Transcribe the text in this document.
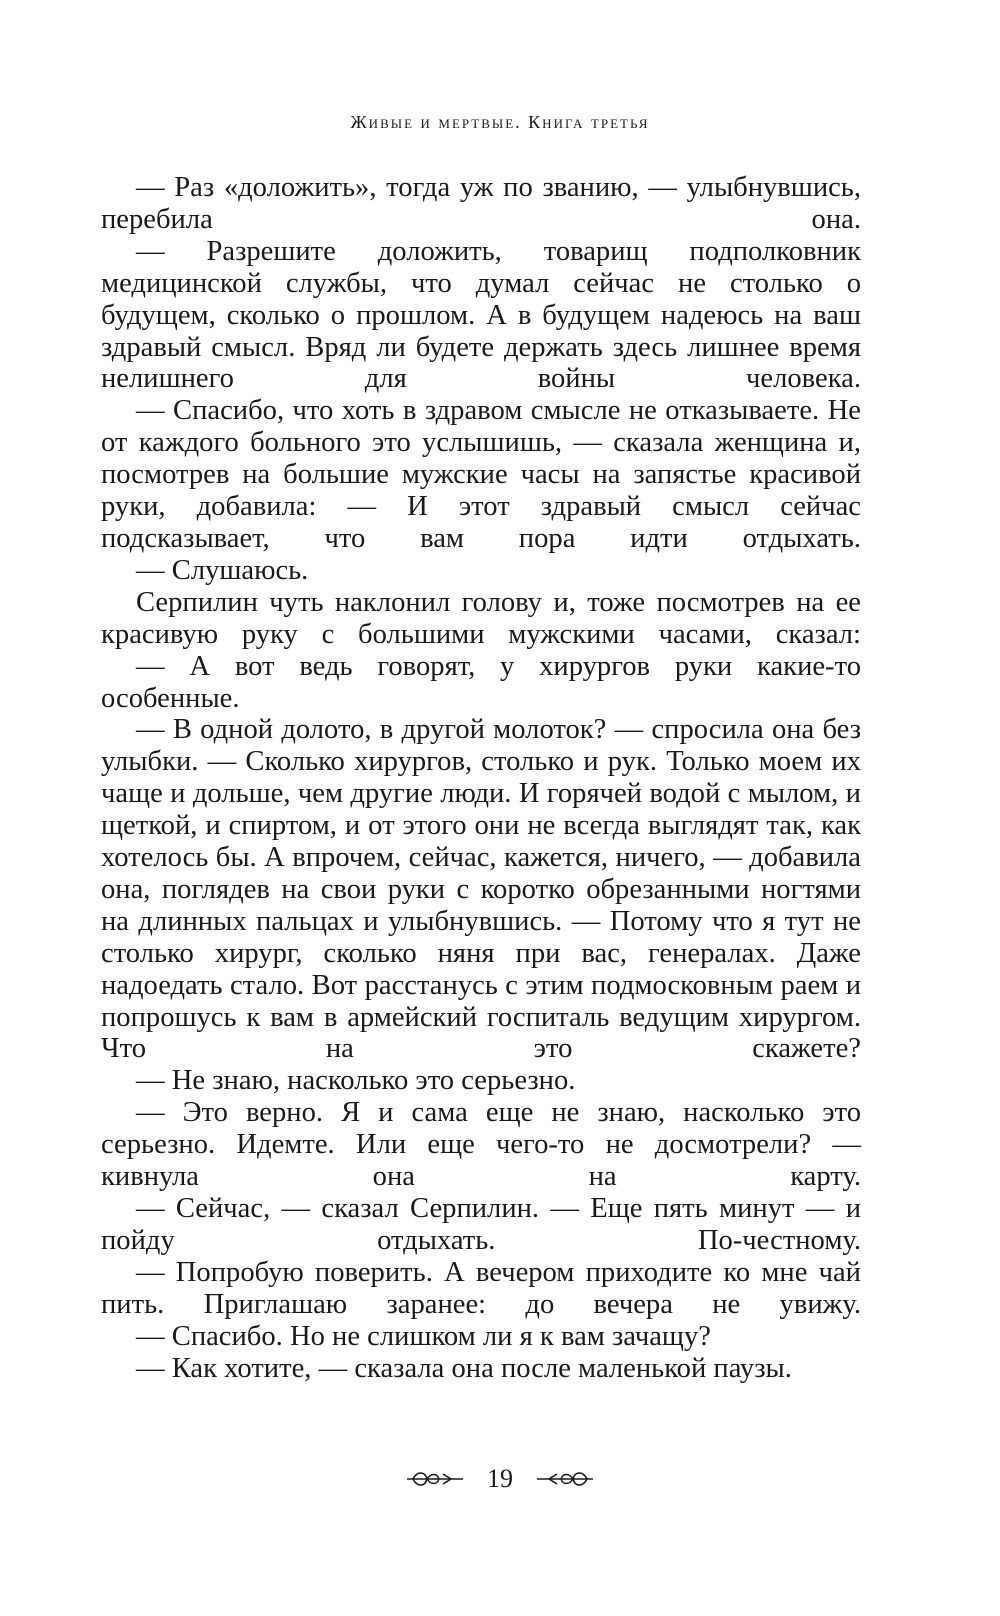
Живые и мертвые. Книга третья

— Раз «доложить», тогда уж по званию, — улыбнувшись, перебила она.

— Разрешите доложить, товарищ подполковник медицинской службы, что думал сейчас не столько о будущем, сколько о прошлом. А в будущем надеюсь на ваш здравый смысл. Вряд ли будете держать здесь лишнее время нелишнего для войны человека.

— Спасибо, что хоть в здравом смысле не отказываете. Не от каждого больного это услышишь, — сказала женщина и, посмотрев на большие мужские часы на запястье красивой руки, добавила: — И этот здравый смысл сейчас подсказывает, что вам пора идти отдыхать.

— Слушаюсь.

Серпилин чуть наклонил голову и, тоже посмотрев на ее красивую руку с большими мужскими часами, сказал:

— А вот ведь говорят, у хирургов руки какие-то особенные.

— В одной долото, в другой молоток? — спросила она без улыбки. — Сколько хирургов, столько и рук. Только моем их чаще и дольше, чем другие люди. И горячей водой с мылом, и щеткой, и спиртом, и от этого они не всегда выглядят так, как хотелось бы. А впрочем, сейчас, кажется, ничего, — добавила она, поглядев на свои руки с коротко обрезанными ногтями на длинных пальцах и улыбнувшись. — Потому что я тут не столько хирург, сколько няня при вас, генералах. Даже надоедать стало. Вот расстанусь с этим подмосковным раем и попрошусь к вам в армейский госпиталь ведущим хирургом. Что на это скажете?

— Не знаю, насколько это серьезно.

— Это верно. Я и сама еще не знаю, насколько это серьезно. Идемте. Или еще чего-то не досмотрели? — кивнула она на карту.

— Сейчас, — сказал Серпилин. — Еще пять минут — и пойду отдыхать. По-честному.

— Попробую поверить. А вечером приходите ко мне чай пить. Приглашаю заранее: до вечера не увижу.

— Спасибо. Но не слишком ли я к вам зачащу?

— Как хотите, — сказала она после маленькой паузы.

19
